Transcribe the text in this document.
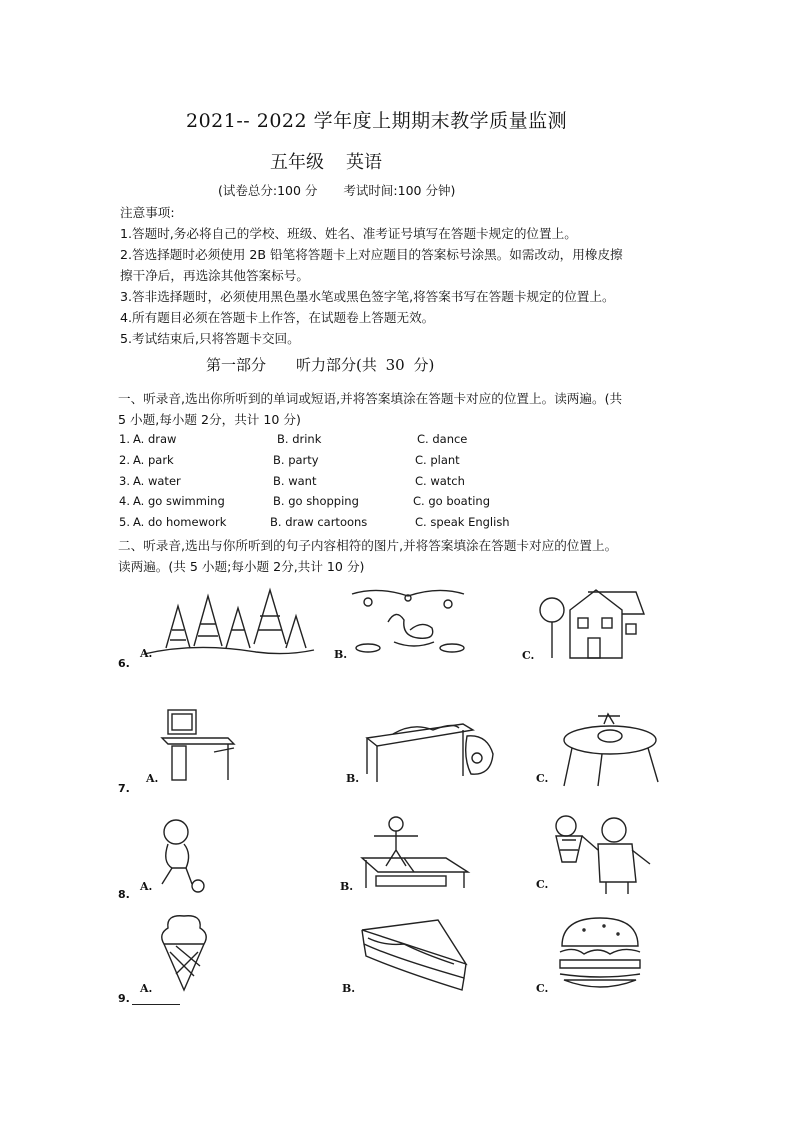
2021-- 2022 学年度上期期末教学质量监测
五年级 英语
(试卷总分:100 分 考试时间:100 分钟)
注意事项:
1.答题时,务必将自己的学校、班级、姓名、准考证号填写在答题卡规定的位置上。
2.答选择题时必须使用 2B 铅笔将答题卡上对应题目的答案标号涂黑。如需改动，用橡皮擦
擦干净后，再选涂其他答案标号。
3.答非选择题时，必须使用黑色墨水笔或黑色签字笔,将答案书写在答题卡规定的位置上。
4.所有题目必须在答题卡上作答，在试题卷上答题无效。
5.考试结束后,只将答题卡交回。
第一部分 听力部分(共 30 分)
一、听录音,选出你所听到的单词或短语,并将答案填涂在答题卡对应的位置上。读两遍。(共
5 小题,每小题 2分，共计 10 分)
1. A. draw	B. drink	C. dance
2. A. park	B. party	C. plant
3. A. water	B. want	C. watch
4. A. go swimming	B. go shopping	C. go boating
5. A. do homework	B. draw cartoons	C. speak English
二、听录音,选出与你所听到的句子内容相符的图片,并将答案填涂在答题卡对应的位置上。
读两遍。(共 5 小题;每小题 2分,共计 10 分)
6.
A.	B.	C.
7.
A.	B.	C.
8.
A.	B.	C.
9.
A.	B.	C.
